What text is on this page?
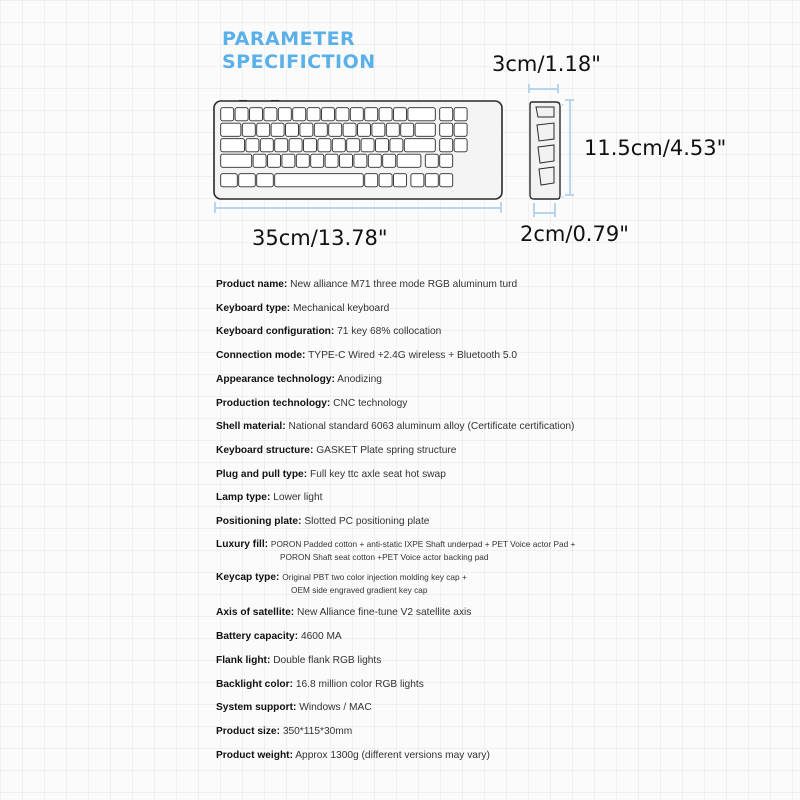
PARAMETER
SPECIFICTION	3cm/1.18"
11.5cm/4.53"
35cm/13.78"	2cm/0.79"
Product name: New alliance M71 three mode RGB aluminum turd
Keyboard type: Mechanical keyboard
Keyboard configuration: 71 key 68% collocation
Connection mode: TYPE-C Wired +2.4G wireless + Bluetooth 5.0
Appearance technology: Anodizing
Production technology: CNC technology
Shell material: National standard 6063 aluminum alloy (Certificate certification)
Keyboard structure: GASKET Plate spring structure
Plug and pull type: Full key ttc axle seat hot swap
Lamp type: Lower light
Positioning plate: Slotted PC positioning plate
Luxury fill: PORON Padded cotton + anti-static IXPE Shaft underpad + PET Voice actor Pad +
PORON Shaft seat cotton +PET Voice actor backing pad
Keycap type: Original PBT two color injection molding key cap +
OEM side engraved gradient key cap
Axis of satellite: New Alliance fine-tune V2 satellite axis
Battery capacity: 4600 MA
Flank light: Double flank RGB lights
Backlight color: 16.8 million color RGB lights
System support: Windows / MAC
Product size: 350*115*30mm
Product weight: Approx 1300g (different versions may vary)
